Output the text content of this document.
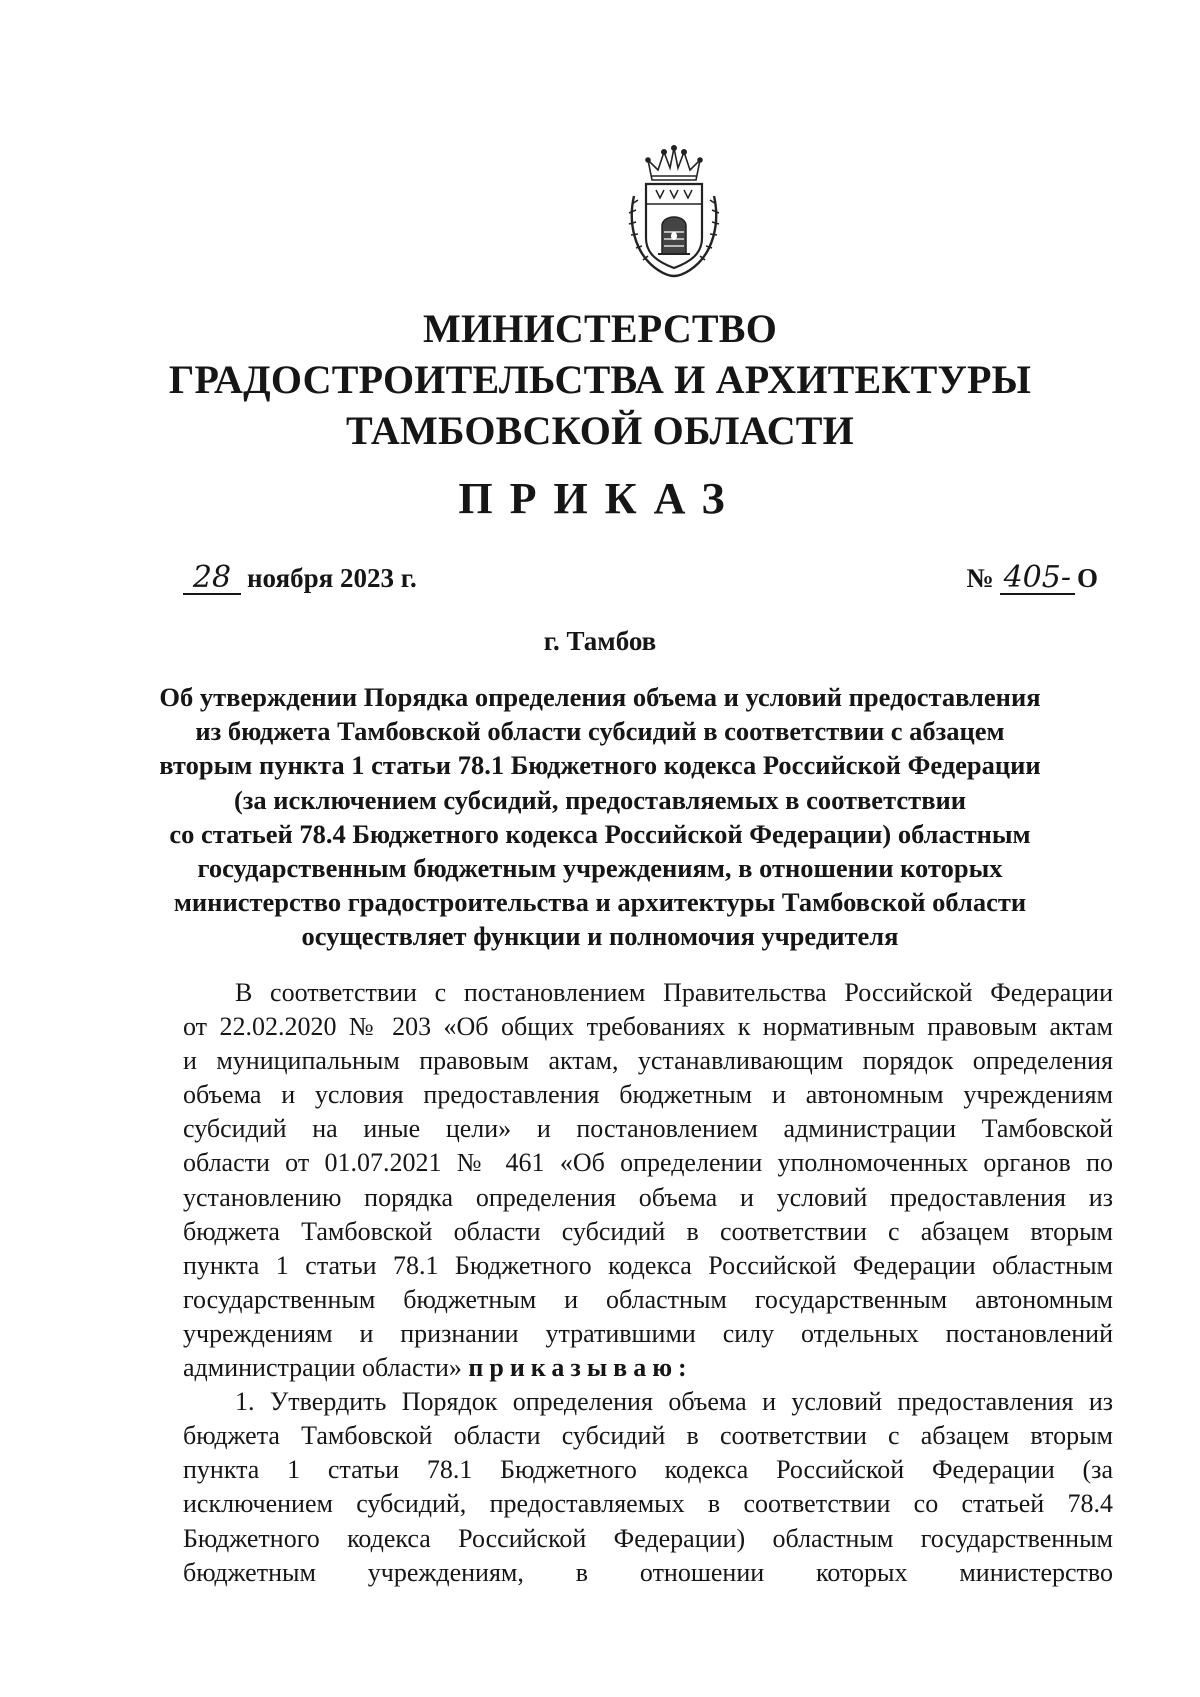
МИНИСТЕРСТВО
ГРАДОСТРОИТЕЛЬСТВА И АРХИТЕКТУРЫ
ТАМБОВСКОЙ ОБЛАСТИ
ПРИКАЗ
28 ноября 2023 г.	№ 405- О
г. Тамбов
Об утверждении Порядка определения объема и условий предоставления
из бюджета Тамбовской области субсидий в соответствии с абзацем
вторым пункта 1 статьи 78.1 Бюджетного кодекса Российской Федерации
(за исключением субсидий, предоставляемых в соответствии
со статьей 78.4 Бюджетного кодекса Российской Федерации) областным
государственным бюджетным учреждениям, в отношении которых
министерство градостроительства и архитектуры Тамбовской области
осуществляет функции и полномочия учредителя
В соответствии с постановлением Правительства Российской Федерации
от 22.02.2020 № 203 «Об общих требованиях к нормативным правовым актам
и муниципальным правовым актам, устанавливающим порядок определения
объема и условия предоставления бюджетным и автономным учреждениям
субсидий на иные цели» и постановлением администрации Тамбовской
области от 01.07.2021 № 461 «Об определении уполномоченных органов по
установлению порядка определения объема и условий предоставления из
бюджета Тамбовской области субсидий в соответствии с абзацем вторым
пункта 1 статьи 78.1 Бюджетного кодекса Российской Федерации областным
государственным бюджетным и областным государственным автономным
учреждениям и признании утратившими силу отдельных постановлений
администрации области» приказываю:
1. Утвердить Порядок определения объема и условий предоставления из
бюджета Тамбовской области субсидий в соответствии с абзацем вторым
пункта 1 статьи 78.1 Бюджетного кодекса Российской Федерации (за
исключением субсидий, предоставляемых в соответствии со статьей 78.4
Бюджетного кодекса Российской Федерации) областным государственным
бюджетным учреждениям, в отношении которых министерство
